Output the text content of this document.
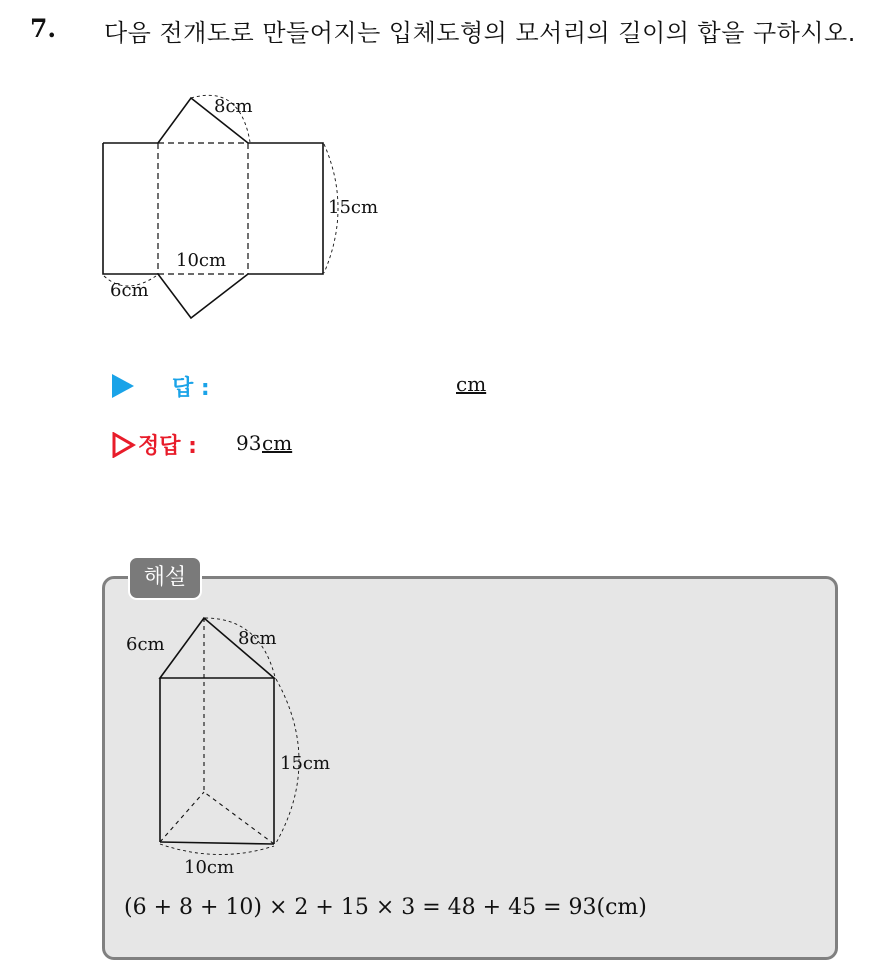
7. 다음 전개도로 만들어지는 입체도형의 모서리의 길이의 합을 구하시오.
8cm
15cm
10cm
6cm
답 :	cm
정답 : 93 cm
해설
6cm	8cm
15cm
10cm
(6 + 8 + 10) × 2 + 15 × 3 = 48 + 45 = 93(cm)
